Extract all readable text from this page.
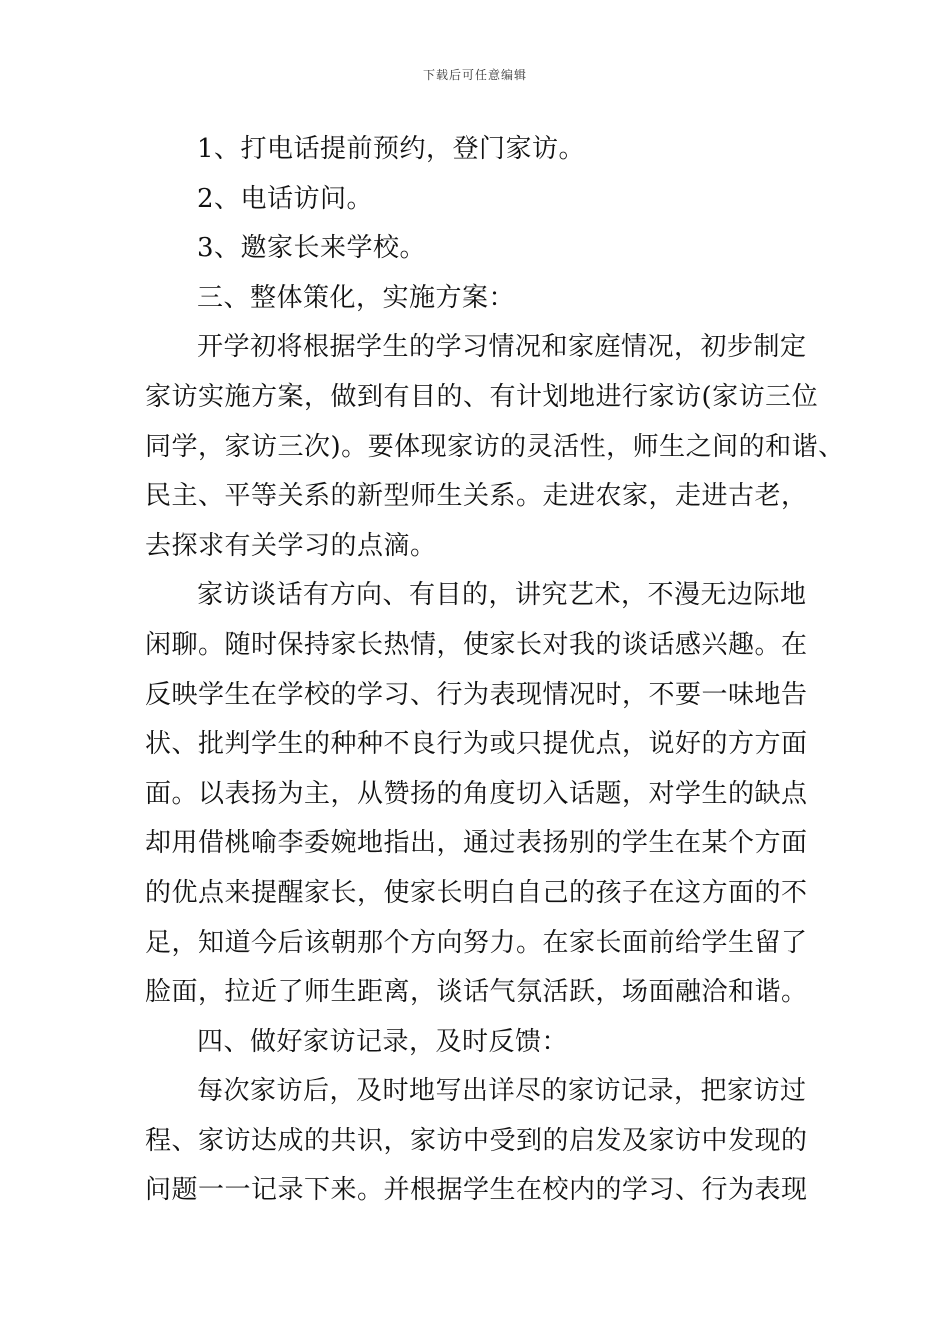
下载后可任意编辑
1、打电话提前预约，登门家访。
2、电话访问。
3、邀家长来学校。
三、整体策化，实施方案：
开学初将根据学生的学习情况和家庭情况，初步制定
家访实施方案，做到有目的、有计划地进行家访(家访三位
同学，家访三次)。要体现家访的灵活性，师生之间的和谐、
民主、平等关系的新型师生关系。走进农家，走进古老，
去探求有关学习的点滴。
家访谈话有方向、有目的，讲究艺术，不漫无边际地
闲聊。随时保持家长热情，使家长对我的谈话感兴趣。在
反映学生在学校的学习、行为表现情况时，不要一味地告
状、批判学生的种种不良行为或只提优点，说好的方方面
面。以表扬为主，从赞扬的角度切入话题，对学生的缺点
却用借桃喻李委婉地指出，通过表扬别的学生在某个方面
的优点来提醒家长，使家长明白自己的孩子在这方面的不
足，知道今后该朝那个方向努力。在家长面前给学生留了
脸面，拉近了师生距离，谈话气氛活跃，场面融洽和谐。
四、做好家访记录，及时反馈：
每次家访后，及时地写出详尽的家访记录，把家访过
程、家访达成的共识，家访中受到的启发及家访中发现的
问题一一记录下来。并根据学生在校内的学习、行为表现
